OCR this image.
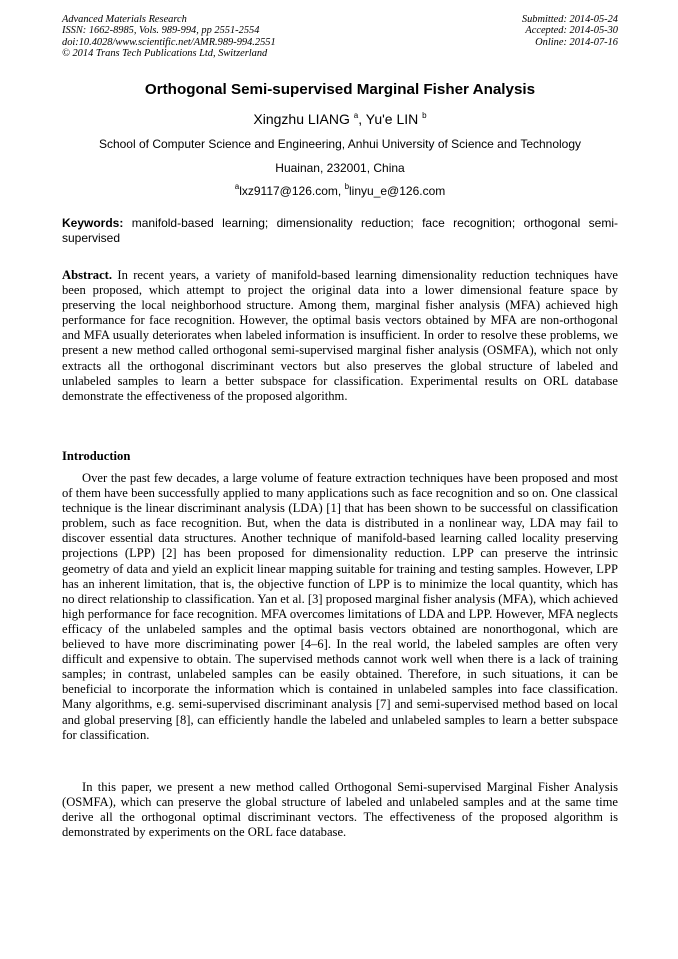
Advanced Materials Research
ISSN: 1662-8985, Vols. 989-994, pp 2551-2554
doi:10.4028/www.scientific.net/AMR.989-994.2551
© 2014 Trans Tech Publications Ltd, Switzerland
Submitted: 2014-05-24
Accepted: 2014-05-30
Online: 2014-07-16
Orthogonal Semi-supervised Marginal Fisher Analysis
Xingzhu LIANG $^a$, Yu'e LIN $^b$
School of Computer Science and Engineering, Anhui University of Science and Technology
Huainan, 232001, China
$^a$lxz9117@126.com, $^b$linyu_e@126.com
Keywords: manifold-based learning; dimensionality reduction; face recognition; orthogonal semi-supervised

Abstract. In recent years, a variety of manifold-based learning dimensionality reduction techniques have been proposed, which attempt to project the original data into a lower dimensional feature space by preserving the local neighborhood structure. Among them, marginal fisher analysis (MFA) achieved high performance for face recognition. However, the optimal basis vectors obtained by MFA are non-orthogonal and MFA usually deteriorates when labeled information is insufficient. In order to resolve these problems, we present a new method called orthogonal semi-supervised marginal fisher analysis (OSMFA), which not only extracts all the orthogonal discriminant vectors but also preserves the global structure of labeled and unlabeled samples to learn a better subspace for classification. Experimental results on ORL database demonstrate the effectiveness of the proposed algorithm.

Introduction

Over the past few decades, a large volume of feature extraction techniques have been proposed and most of them have been successfully applied to many applications such as face recognition and so on. One classical technique is the linear discriminant analysis (LDA) [1] that has been shown to be successful on classification problem, such as face recognition. But, when the data is distributed in a nonlinear way, LDA may fail to discover essential data structures. Another technique of manifold-based learning called locality preserving projections (LPP) [2] has been proposed for dimensionality reduction. LPP can preserve the intrinsic geometry of data and yield an explicit linear mapping suitable for training and testing samples. However, LPP has an inherent limitation, that is, the objective function of LPP is to minimize the local quantity, which has no direct relationship to classification. Yan et al. [3] proposed marginal fisher analysis (MFA), which achieved high performance for face recognition. MFA overcomes limitations of LDA and LPP. However, MFA neglects efficacy of the unlabeled samples and the optimal basis vectors obtained are nonorthogonal, which are believed to have more discriminating power [4–6]. In the real world, the labeled samples are often very difficult and expensive to obtain. The supervised methods cannot work well when there is a lack of training samples; in contrast, unlabeled samples can be easily obtained. Therefore, in such situations, it can be beneficial to incorporate the information which is contained in unlabeled samples into face classification. Many algorithms, e.g. semi-supervised discriminant analysis [7] and semi-supervised method based on local and global preserving [8], can efficiently handle the labeled and unlabeled samples to learn a better subspace for classification.

In this paper, we present a new method called Orthogonal Semi-supervised Marginal Fisher Analysis (OSMFA), which can preserve the global structure of labeled and unlabeled samples and at the same time derive all the orthogonal optimal discriminant vectors. The effectiveness of the proposed algorithm is demonstrated by experiments on the ORL face database.
